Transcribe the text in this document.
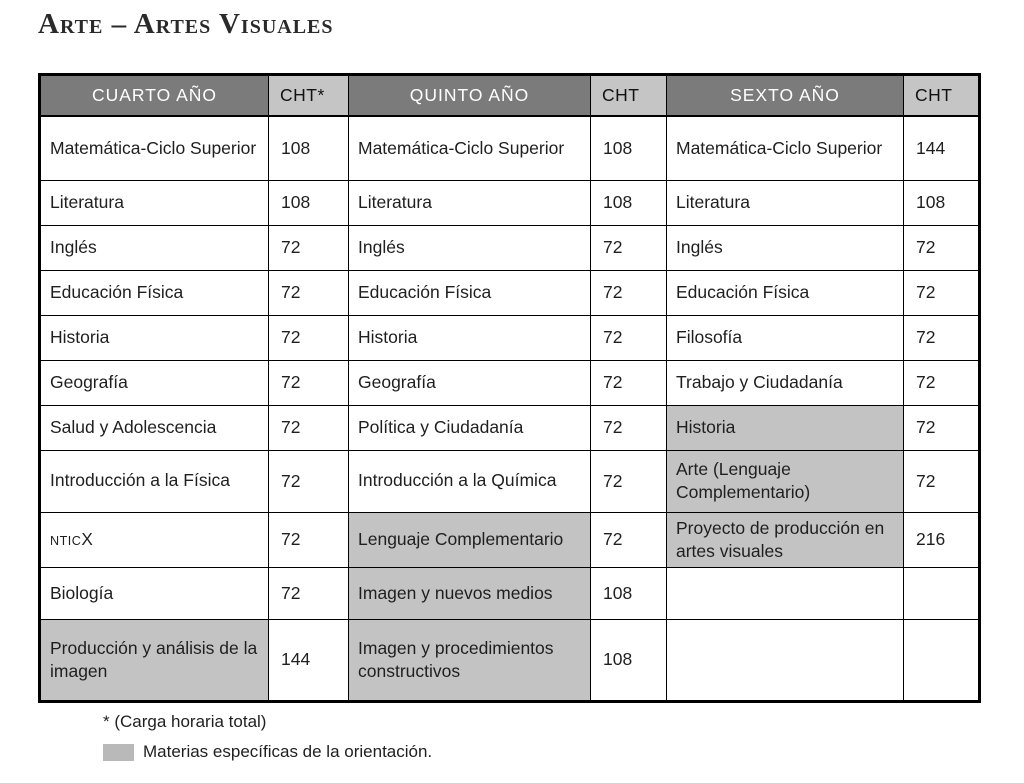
Arte – Artes Visuales
CUARTO AÑO	CHT*	QUINTO AÑO	CHT	SEXTO AÑO	CHT
Matemática-Ciclo Superior	108	Matemática-Ciclo Superior	108	Matemática-Ciclo Superior	144
Literatura	108	Literatura	108	Literatura	108
Inglés	72	Inglés	72	Inglés	72
Educación Física	72	Educación Física	72	Educación Física	72
Historia	72	Historia	72	Filosofía	72
Geografía	72	Geografía	72	Trabajo y Ciudadanía	72
Salud y Adolescencia	72	Política y Ciudadanía	72	Historia	72
Introducción a la Física	72	Introducción a la Química	72	Arte (Lenguaje Complementario)	72
NTICX	72	Lenguaje Complementario	72	Proyecto de producción en artes visuales	216
Biología	72	Imagen y nuevos medios	108		
Producción y análisis de la imagen	144	Imagen y procedimientos constructivos	108		
* (Carga horaria total)
Materias específicas de la orientación.
